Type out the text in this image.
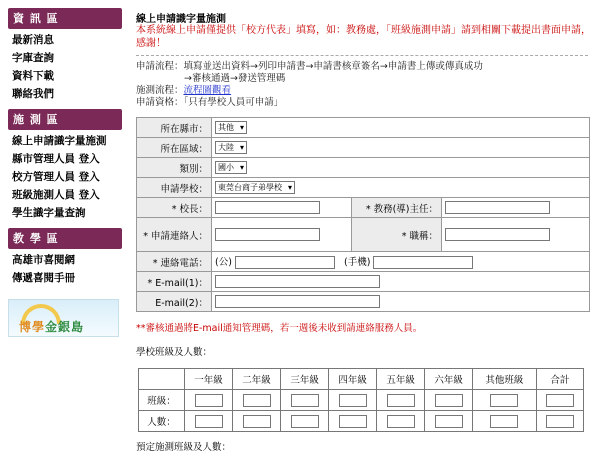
資 訊 區
最新消息
字庫查詢
資料下載
聯絡我們
施 測 區
線上申請識字量施測
縣市管理人員 登入
校方管理人員 登入
班級施測人員 登入
學生識字量查詢
教 學 區
高雄市喜閱網
傳遞喜閱手冊
博學金銀島
線上申請識字量施測
本系統線上申請僅提供「校方代表」填寫，如：教務處，「班級施測申請」請到相關下載提出書面申請，感謝！
申請流程：填寫並送出資料→列印申請書→申請書核章簽名→申請書上傳或傳真成功
→審核通過→發送管理碼
施測流程：流程圖觀看
申請資格：「只有學校人員可申請」
所在縣市：	其他 ▾
所在區域：	大陸 ▾
類別：	國小 ▾
申請學校：	東莞台商子弟學校 ▾
* 校長：		* 教務(導)主任：	
* 申請連絡人：		* 職稱：	
* 連絡電話：	(公) (手機)		
* E-mail(1)：			
E-mail(2)：			
**審核通過將E-mail通知管理碼，若一週後未收到請連絡服務人員。
學校班級及人數：
	一年級	二年級	三年級	四年級	五年級	六年級	其他班級	合計
班級：								
人數：								
預定施測班級及人數：
